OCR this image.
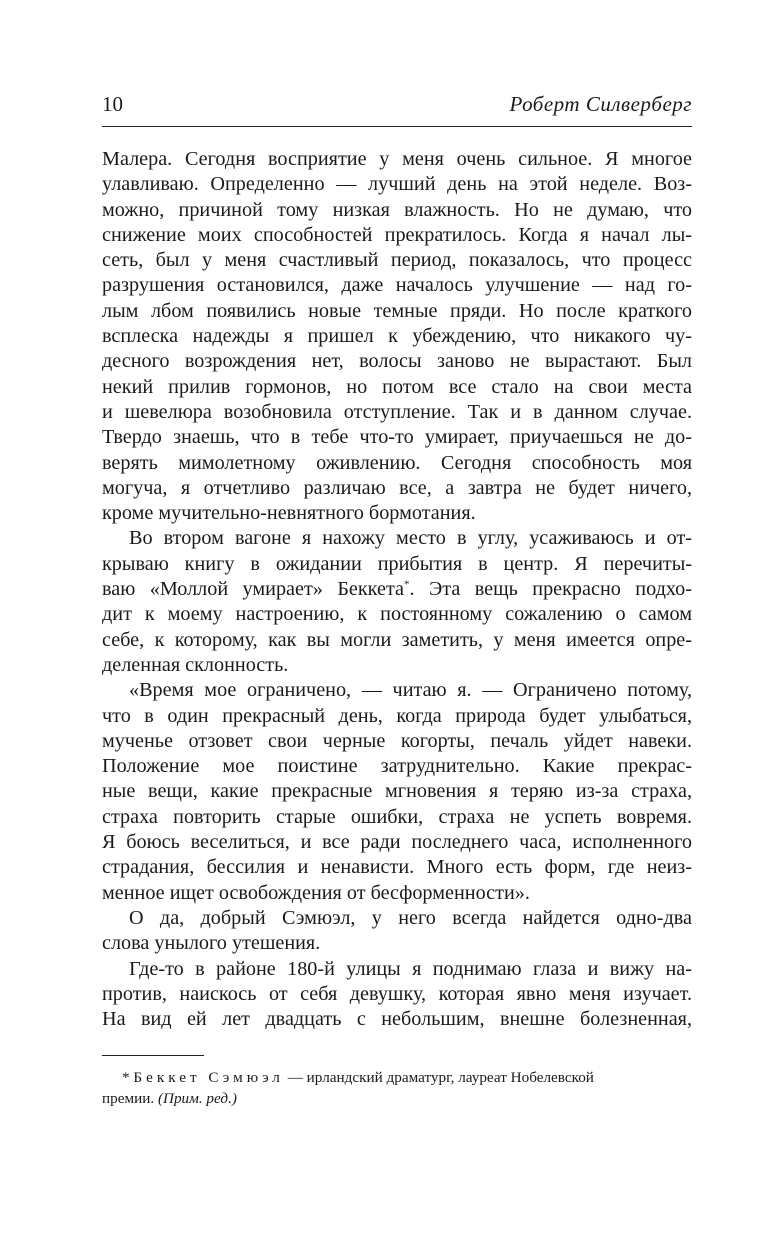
10	Роберт Силверберг
Малера. Сегодня восприятие у меня очень сильное. Я многое
улавливаю. Определенно — лучший день на этой неделе. Воз-
можно, причиной тому низкая влажность. Но не думаю, что
снижение моих способностей прекратилось. Когда я начал лы-
сеть, был у меня счастливый период, показалось, что процесс
разрушения остановился, даже началось улучшение — над го-
лым лбом появились новые темные пряди. Но после краткого
всплеска надежды я пришел к убеждению, что никакого чу-
десного возрождения нет, волосы заново не вырастают. Был
некий прилив гормонов, но потом все стало на свои места
и шевелюра возобновила отступление. Так и в данном случае.
Твердо знаешь, что в тебе что-то умирает, приучаешься не до-
верять мимолетному оживлению. Сегодня способность моя
могуча, я отчетливо различаю все, а завтра не будет ничего,
кроме мучительно-невнятного бормотания.
Во втором вагоне я нахожу место в углу, усаживаюсь и от-
крываю книгу в ожидании прибытия в центр. Я перечиты-
ваю «Моллой умирает» Беккета*. Эта вещь прекрасно подхо-
дит к моему настроению, к постоянному сожалению о самом
себе, к которому, как вы могли заметить, у меня имеется опре-
деленная склонность.
«Время мое ограничено, — читаю я. — Ограничено потому,
что в один прекрасный день, когда природа будет улыбаться,
мученье отзовет свои черные когорты, печаль уйдет навеки.
Положение мое поистине затруднительно. Какие прекрас-
ные вещи, какие прекрасные мгновения я теряю из-за страха,
страха повторить старые ошибки, страха не успеть вовремя.
Я боюсь веселиться, и все ради последнего часа, исполненного
страдания, бессилия и ненависти. Много есть форм, где неиз-
менное ищет освобождения от бесформенности».
О да, добрый Сэмюэл, у него всегда найдется одно-два
слова унылого утешения.
Где-то в районе 180-й улицы я поднимаю глаза и вижу на-
против, наискось от себя девушку, которая явно меня изучает.
На вид ей лет двадцать с небольшим, внешне болезненная,
* Беккет Сэмюэл — ирландский драматург, лауреат Нобелевской
премии. (Прим. ред.)
